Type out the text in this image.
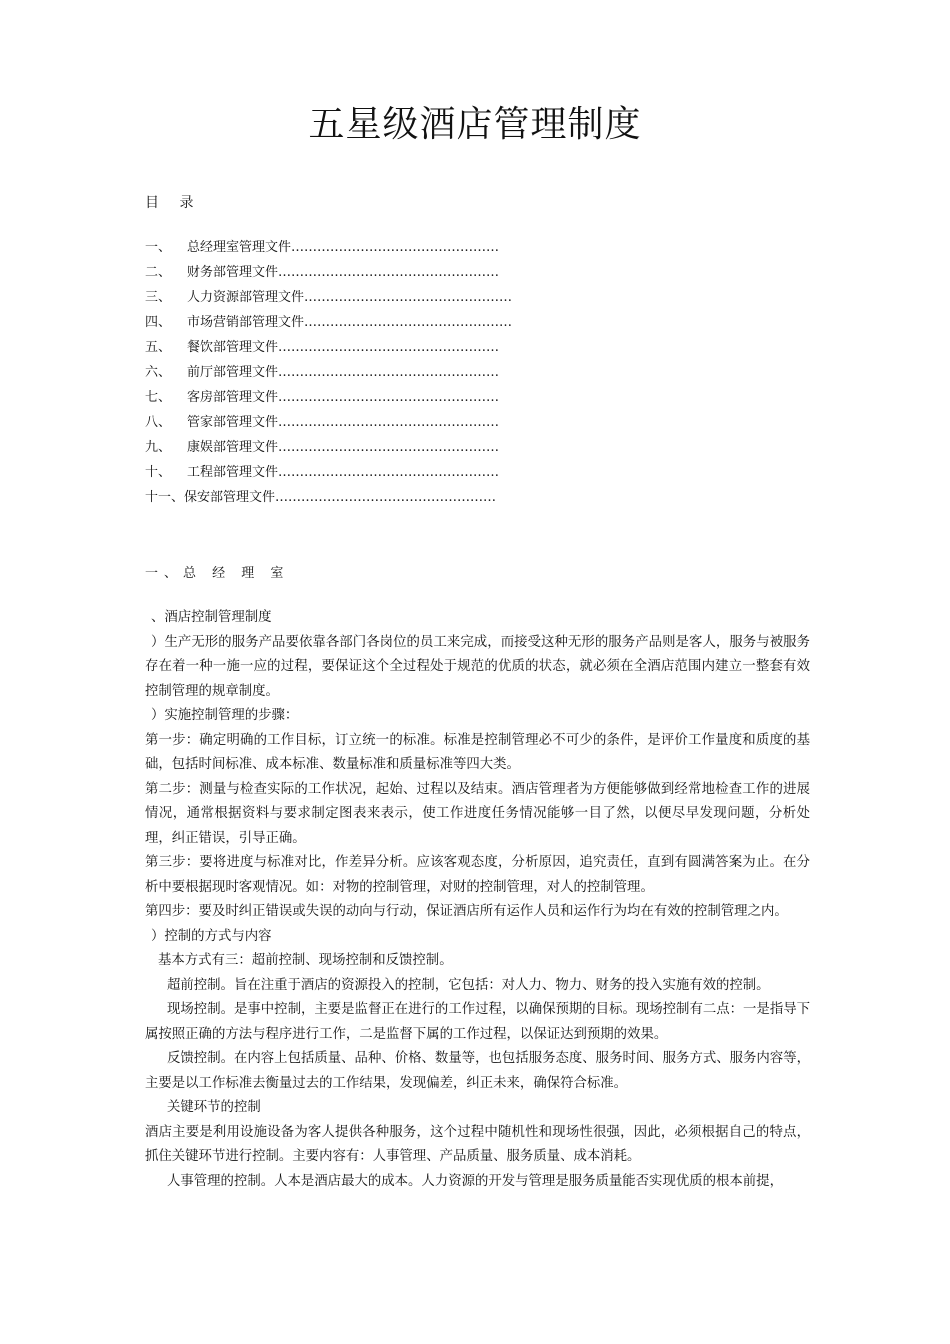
五星级酒店管理制度
目 录
一、 总经理室管理文件…………………………………………
二、 财务部管理文件……………………………………………
三、 人力资源部管理文件…………………………………………
四、 市场营销部管理文件…………………………………………
五、 餐饮部管理文件……………………………………………
六、 前厅部管理文件……………………………………………
七、 客房部管理文件……………………………………………
八、 管家部管理文件……………………………………………
九、 康娱部管理文件……………………………………………
十、 工程部管理文件……………………………………………
十一、保安部管理文件……………………………………………
一、总 经 理 室

、酒店控制管理制度

）生产无形的服务产品要依靠各部门各岗位的员工来完成，而接受这种无形的服务产品则是客人，服务与被服务存在着一种一施一应的过程，要保证这个全过程处于规范的优质的状态，就必须在全酒店范围内建立一整套有效控制管理的规章制度。

）实施控制管理的步骤：

第一步：确定明确的工作目标，订立统一的标准。标准是控制管理必不可少的条件，是评价工作量度和质度的基础，包括时间标准、成本标准、数量标准和质量标准等四大类。

第二步：测量与检查实际的工作状况，起始、过程以及结束。酒店管理者为方便能够做到经常地检查工作的进展情况，通常根据资料与要求制定图表来表示，使工作进度任务情况能够一目了然，以便尽早发现问题，分析处理，纠正错误，引导正确。

第三步：要将进度与标准对比，作差异分析。应该客观态度，分析原因，追究责任，直到有圆满答案为止。在分析中要根据现时客观情况。如：对物的控制管理，对财的控制管理，对人的控制管理。

第四步：要及时纠正错误或失误的动向与行动，保证酒店所有运作人员和运作行为均在有效的控制管理之内。

）控制的方式与内容

基本方式有三：超前控制、现场控制和反馈控制。

超前控制。旨在注重于酒店的资源投入的控制，它包括：对人力、物力、财务的投入实施有效的控制。

现场控制。是事中控制，主要是监督正在进行的工作过程，以确保预期的目标。现场控制有二点：一是指导下属按照正确的方法与程序进行工作，二是监督下属的工作过程，以保证达到预期的效果。

反馈控制。在内容上包括质量、品种、价格、数量等，也包括服务态度、服务时间、服务方式、服务内容等，主要是以工作标准去衡量过去的工作结果，发现偏差，纠正未来，确保符合标准。

关键环节的控制

酒店主要是利用设施设备为客人提供各种服务，这个过程中随机性和现场性很强，因此，必须根据自己的特点，抓住关键环节进行控制。主要内容有：人事管理、产品质量、服务质量、成本消耗。

人事管理的控制。人本是酒店最大的成本。人力资源的开发与管理是服务质量能否实现优质的根本前提，
